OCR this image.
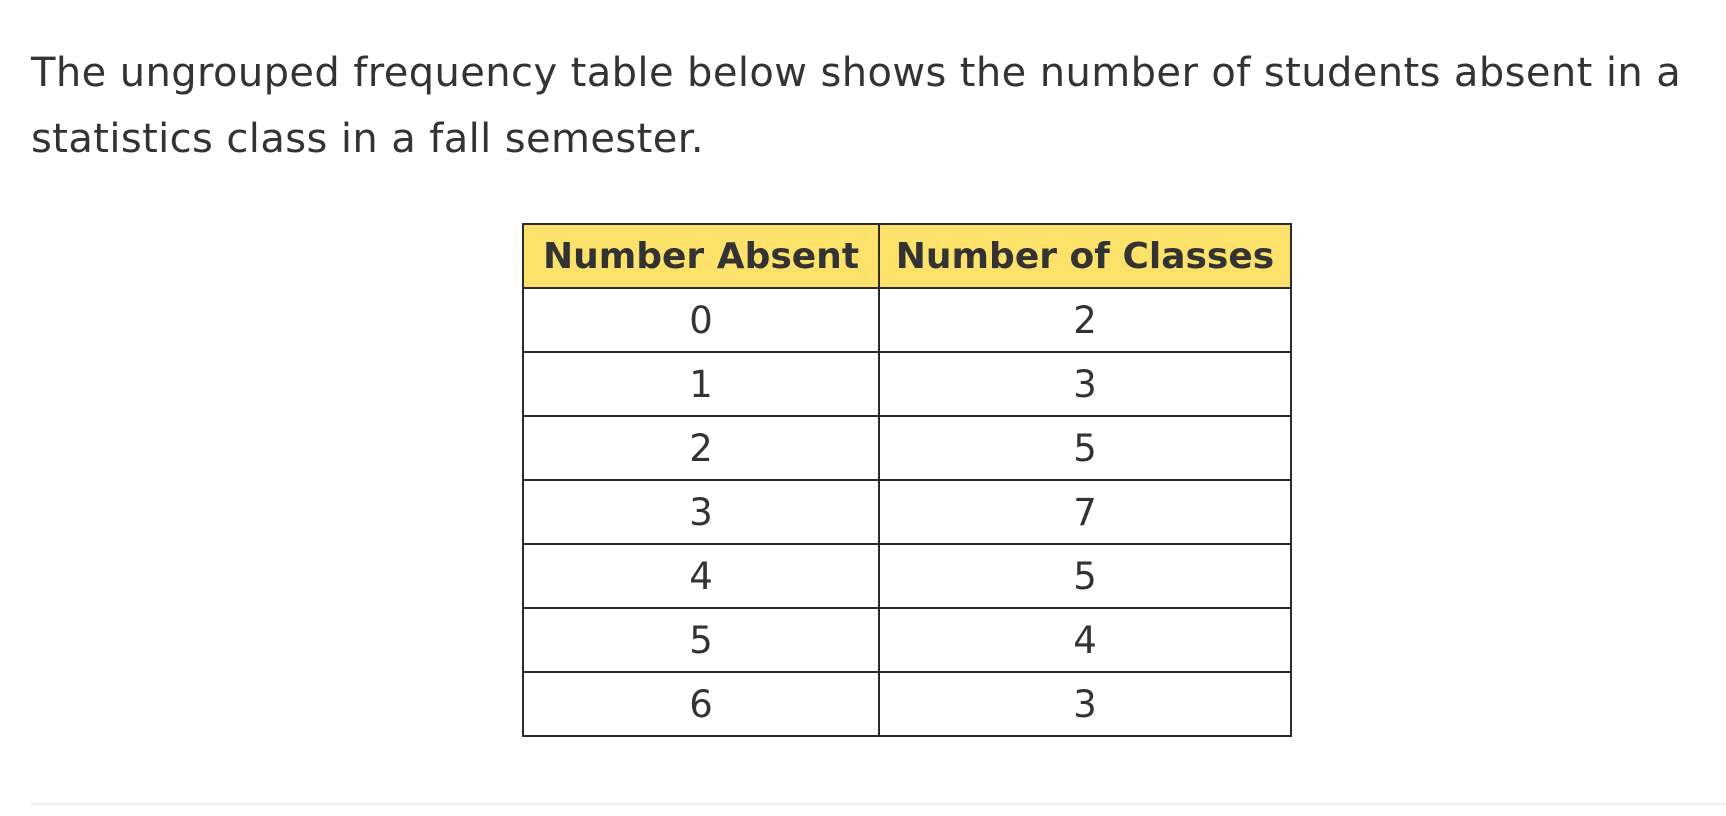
The ungrouped frequency table below shows the number of students absent in a statistics class in a fall semester.

Number Absent	Number of Classes
0	2
1	3
2	5
3	7
4	5
5	4
6	3
